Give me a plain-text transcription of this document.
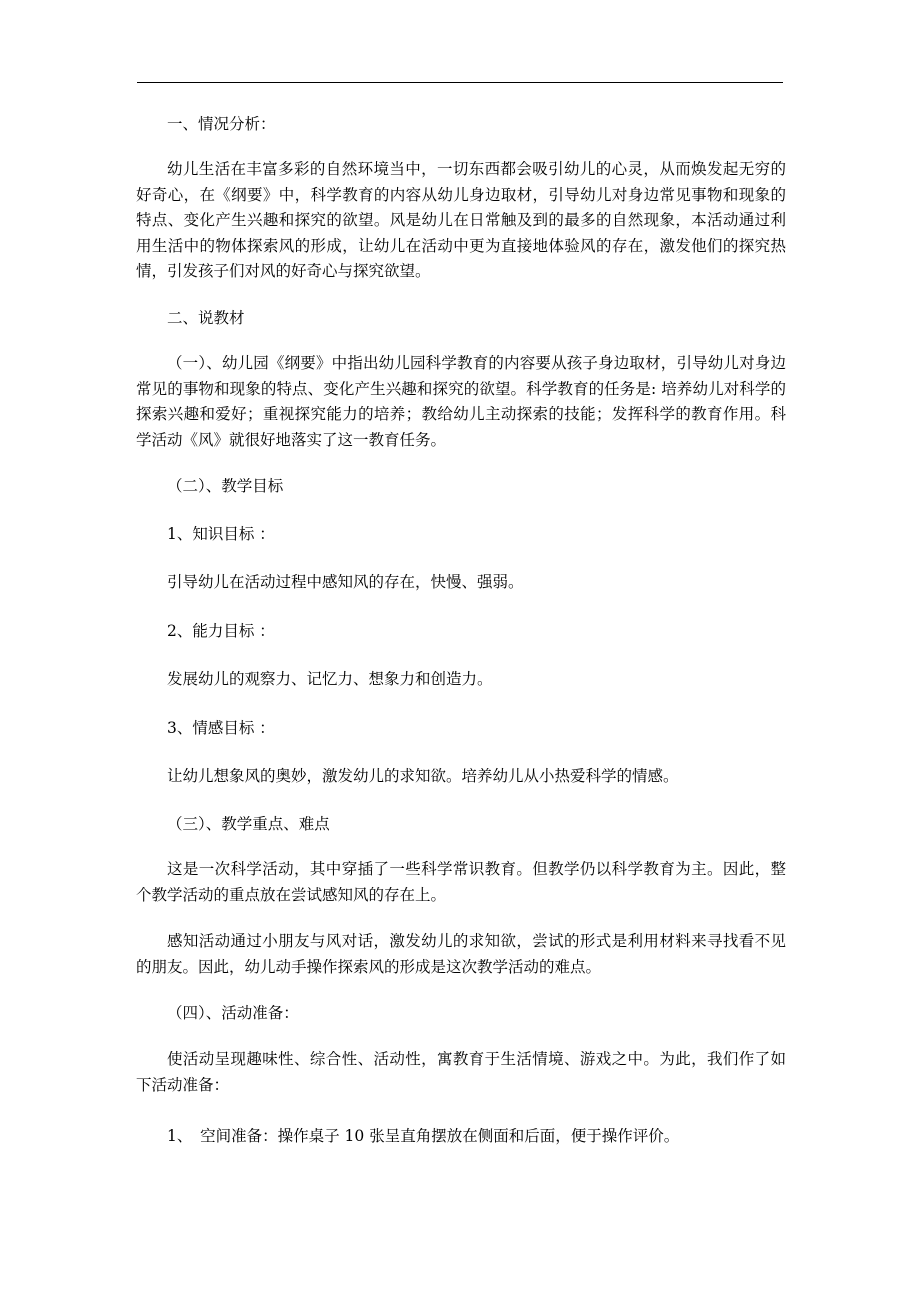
一、情况分析：

幼儿生活在丰富多彩的自然环境当中，一切东西都会吸引幼儿的心灵，从而焕发起无穷的好奇心，在《纲要》中，科学教育的内容从幼儿身边取材，引导幼儿对身边常见事物和现象的特点、变化产生兴趣和探究的欲望。风是幼儿在日常触及到的最多的自然现象，本活动通过利用生活中的物体探索风的形成，让幼儿在活动中更为直接地体验风的存在，激发他们的探究热情，引发孩子们对风的好奇心与探究欲望。

二、说教材

（一）、幼儿园《纲要》中指出幼儿园科学教育的内容要从孩子身边取材，引导幼儿对身边常见的事物和现象的特点、变化产生兴趣和探究的欲望。科学教育的任务是: 培养幼儿对科学的探索兴趣和爱好；重视探究能力的培养；教给幼儿主动探索的技能；发挥科学的教育作用。科学活动《风》就很好地落实了这一教育任务。

（二）、教学目标

1、知识目标 ：

引导幼儿在活动过程中感知风的存在，快慢、强弱。

2、能力目标 ：

发展幼儿的观察力、记忆力、想象力和创造力。

3、情感目标 ：

让幼儿想象风的奥妙，激发幼儿的求知欲。培养幼儿从小热爱科学的情感。

（三）、教学重点、难点

这是一次科学活动，其中穿插了一些科学常识教育。但教学仍以科学教育为主。因此，整个教学活动的重点放在尝试感知风的存在上。

感知活动通过小朋友与风对话，激发幼儿的求知欲，尝试的形式是利用材料来寻找看不见的朋友。因此，幼儿动手操作探索风的形成是这次教学活动的难点。

（四）、活动准备：

使活动呈现趣味性、综合性、活动性，寓教育于生活情境、游戏之中。为此，我们作了如下活动准备：

1、　空间准备：操作桌子 10 张呈直角摆放在侧面和后面，便于操作评价。
